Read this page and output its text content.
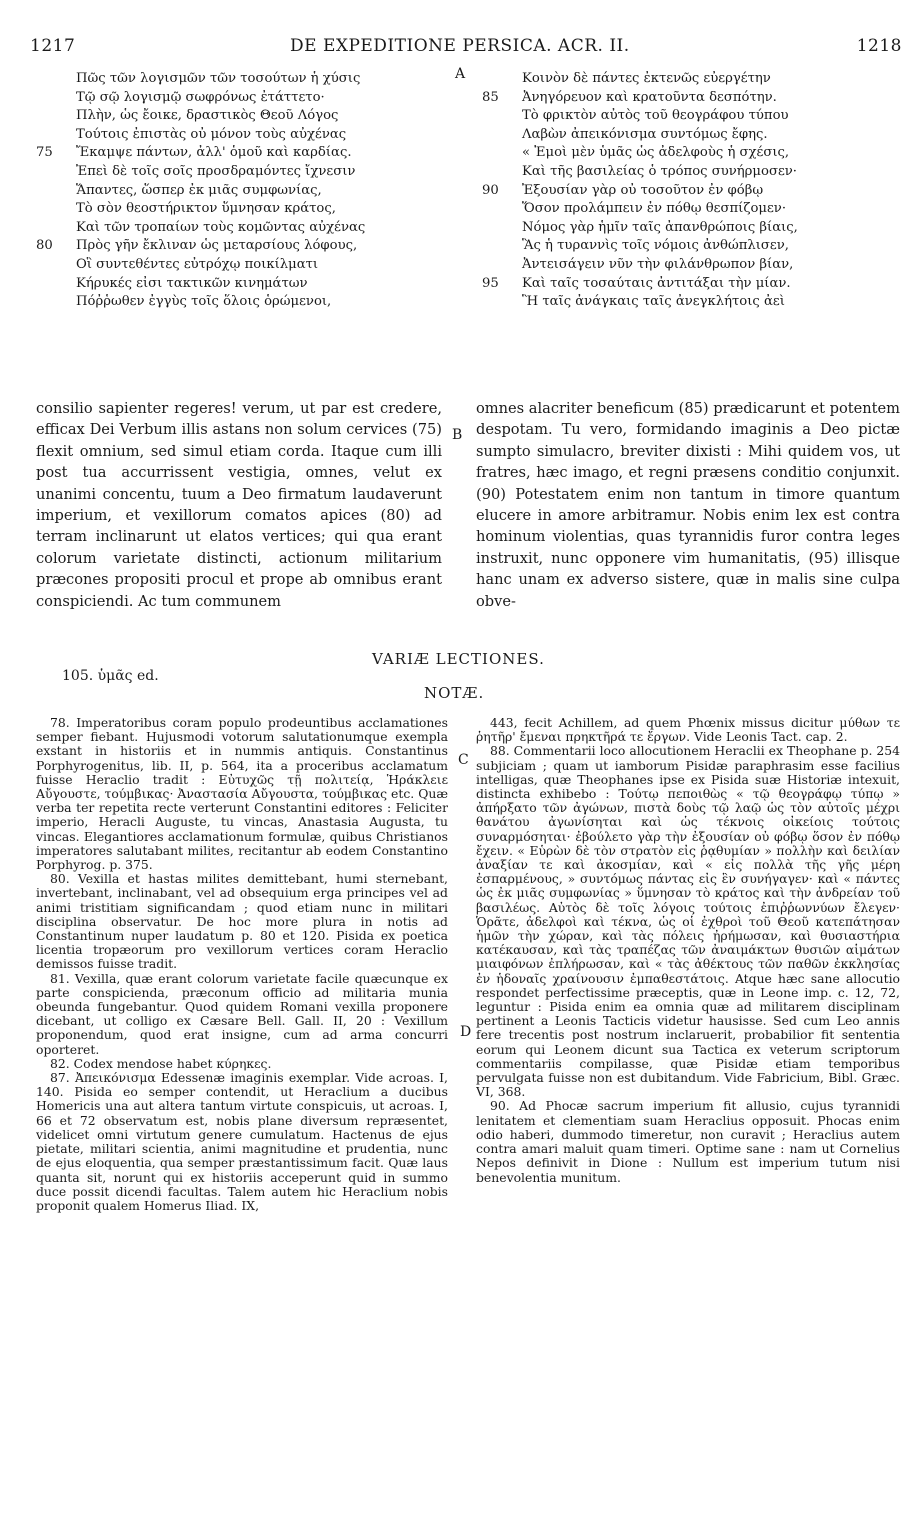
1217	DE EXPEDITIONE PERSICA. ACR. II.	1218
Πῶς τῶν λογισμῶν τῶν τοσούτων ἡ χύσις
Τῷ σῷ λογισμῷ σωφρόνως ἐτάττετο·
Πλὴν, ὡς ἔοικε, δραστικὸς Θεοῦ Λόγος
Τούτοις ἐπιστὰς οὐ μόνον τοὺς αὐχένας
75 Ἔκαμψε πάντων, ἀλλ' ὁμοῦ καὶ καρδίας.
Ἐπεὶ δὲ τοῖς σοῖς προσδραμόντες ἴχνεσιν
Ἅπαντες, ὥσπερ ἐκ μιᾶς συμφωνίας,
Τὸ σὸν θεοστήρικτον ὕμνησαν κράτος,
Καὶ τῶν τροπαίων τοὺς κομῶντας αὐχένας
80 Πρὸς γῆν ἔκλιναν ὡς μεταρσίους λόφους,
Οἳ συντεθέντες εὐτρόχῳ ποικίλματι
Κήρυκές εἰσι τακτικῶν κινημάτων
Πόῤῥωθεν ἐγγὺς τοῖς ὅλοις ὁρώμενοι,
Κοινὸν δὲ πάντες ἐκτενῶς εὐεργέτην
85 Ἀνηγόρευον καὶ κρατοῦντα δεσπότην.
Τὸ φρικτὸν αὐτὸς τοῦ θεογράφου τύπου
Λαβὼν ἀπεικόνισμα συντόμως ἔφης.
« Ἐμοὶ μὲν ὑμᾶς ὡς ἀδελφοὺς ἡ σχέσις,
Καὶ τῆς βασιλείας ὁ τρόπος συνήρμοσεν·
90 Ἐξουσίαν γὰρ οὐ τοσοῦτον ἐν φόβῳ
Ὅσον προλάμπειν ἐν πόθῳ θεσπίζομεν·
Νόμος γὰρ ἡμῖν ταῖς ἀπανθρώποις βίαις,
Ἃς ἡ τυραννὶς τοῖς νόμοις ἀνθώπλισεν,
Ἀντεισάγειν νῦν τὴν φιλάνθρωπον βίαν,
95 Καὶ ταῖς τοσαύταις ἀντιτάξαι τὴν μίαν.
Ἣ ταῖς ἀνάγκαις ταῖς ἀνεγκλήτοις ἀεὶ
A
B
C
D
consilio sapienter regeres! verum, ut par est credere, efficax Dei Verbum illis astans non solum cervices (75) flexit omnium, sed simul etiam corda. Itaque cum illi post tua accurrissent vestigia, omnes, velut ex unanimi concentu, tuum a Deo firmatum laudaverunt imperium, et vexillorum comatos apices (80) ad terram inclinarunt ut elatos vertices; qui qua erant colorum varietate distincti, actionum militarium præcones propositi procul et prope ab omnibus erant conspiciendi. Ac tum communem
omnes alacriter beneficum (85) prædicarunt et potentem despotam. Tu vero, formidando imaginis a Deo pictæ sumpto simulacro, breviter dixisti : Mihi quidem vos, ut fratres, hæc imago, et regni præsens conditio conjunxit. (90) Potestatem enim non tantum in timore quantum elucere in amore arbitramur. Nobis enim lex est contra hominum violentias, quas tyrannidis furor contra leges instruxit, nunc opponere vim humanitatis, (95) illisque hanc unam ex adverso sistere, quæ in malis sine culpa obve-
VARIÆ LECTIONES.
105. ὑμᾶς ed.
NOTÆ.

78. Imperatoribus coram populo prodeuntibus acclamationes semper fiebant. Hujusmodi votorum salutationumque exempla exstant in historiis et in nummis antiquis. Constantinus Porphyrogenitus, lib. II, p. 564, ita a proceribus acclamatum fuisse Heraclio tradit : Εὐτυχῶς τῇ πολιτείᾳ, Ἡράκλειε Αὔγουστε, τούμβικας· Ἀναστασία Αὔγουστα, τούμβικας etc. Quæ verba ter repetita recte verterunt Constantini editores : Feliciter imperio, Heracli Auguste, tu vincas, Anastasia Augusta, tu vincas. Elegantiores acclamationum formulæ, quibus Christianos imperatores salutabant milites, recitantur ab eodem Constantino Porphyrog. p. 375.

80. Vexilla et hastas milites demittebant, humi sternebant, invertebant, inclinabant, vel ad obsequium erga principes vel ad animi tristitiam significandam ; quod etiam nunc in militari disciplina observatur. De hoc more plura in notis ad Constantinum nuper laudatum p. 80 et 120. Pisida ex poetica licentia tropæorum pro vexillorum vertices coram Heraclio demissos fuisse tradit.

81. Vexilla, quæ erant colorum varietate facile quæcunque ex parte conspicienda, præconum officio ad militaria munia obeunda fungebantur. Quod quidem Romani vexilla proponere dicebant, ut colligo ex Cæsare Bell. Gall. II, 20 : Vexillum proponendum, quod erat insigne, cum ad arma concurri oporteret.

82. Codex mendose habet κύρηκες.

87. Ἀπεικόνισμα Edessenæ imaginis exemplar. Vide acroas. I, 140. Pisida eo semper contendit, ut Heraclium a ducibus Homericis una aut altera tantum virtute conspicuis, ut acroas. I, 66 et 72 observatum est, nobis plane diversum repræsentet, videlicet omni virtutum genere cumulatum. Hactenus de ejus pietate, militari scientia, animi magnitudine et prudentia, nunc de ejus eloquentia, qua semper præstantissimum facit. Quæ laus quanta sit, norunt qui ex historiis acceperunt quid in summo duce possit dicendi facultas. Talem autem hic Heraclium nobis proponit qualem Homerus Iliad. IX,

443, fecit Achillem, ad quem Phœnix missus dicitur μύθων τε ῥητῆρ' ἔμεναι πρηκτῆρά τε ἔργων. Vide Leonis Tact. cap. 2.

88. Commentarii loco allocutionem Heraclii ex Theophane p. 254 subjiciam ; quam ut iamborum Pisidæ paraphrasim esse facilius intelligas, quæ Theophanes ipse ex Pisida suæ Historiæ intexuit, distincta exhibebo : Τούτῳ πεποιθὼς « τῷ θεογράφῳ τύπῳ » ἀπήρξατο τῶν ἀγώνων, πιστὰ δοὺς τῷ λαῷ ὡς τὸν αὐτοῖς μέχρι θανάτου ἀγωνίσηται καὶ ὡς τέκνοις οἰκείοις τούτοις συναρμόσηται· ἐβούλετο γὰρ τὴν ἐξουσίαν οὐ φόβῳ ὅσον ἐν πόθῳ ἔχειν. « Εὑρὼν δὲ τὸν στρατὸν εἰς ῥᾳθυμίαν » πολλὴν καὶ δειλίαν ἀναξίαν τε καὶ ἀκοσμίαν, καὶ « εἰς πολλὰ τῆς γῆς μέρη ἐσπαρμένους, » συντόμως πάντας εἰς ἓν συνήγαγεν· καὶ « πάντες ὡς ἐκ μιᾶς συμφωνίας » ὕμνησαν τὸ κράτος καὶ τὴν ἀνδρείαν τοῦ βασιλέως. Αὐτὸς δὲ τοῖς λόγοις τούτοις ἐπιῤῥωννύων ἔλεγεν· Ὁρᾶτε, ἀδελφοὶ καὶ τέκνα, ὡς οἱ ἐχθροὶ τοῦ Θεοῦ κατεπάτησαν ἡμῶν τὴν χώραν, καὶ τὰς πόλεις ἠρήμωσαν, καὶ θυσιαστήρια κατέκαυσαν, καὶ τὰς τραπέζας τῶν ἀναιμάκτων θυσιῶν αἱμάτων μιαιφόνων ἐπλήρωσαν, καὶ « τὰς ἀθέκτους τῶν παθῶν ἐκκλησίας ἐν ἡδοναῖς χραίνουσιν ἐμπαθεστάτοις. Atque hæc sane allocutio respondet perfectissime præceptis, quæ in Leone imp. c. 12, 72, leguntur : Pisida enim ea omnia quæ ad militarem disciplinam pertinent a Leonis Tacticis videtur hausisse. Sed cum Leo annis fere trecentis post nostrum inclaruerit, probabilior fit sententia eorum qui Leonem dicunt sua Tactica ex veterum scriptorum commentariis compilasse, quæ Pisidæ etiam temporibus pervulgata fuisse non est dubitandum. Vide Fabricium, Bibl. Græc. VI, 368.

90. Ad Phocæ sacrum imperium fit allusio, cujus tyrannidi lenitatem et clementiam suam Heraclius opposuit. Phocas enim odio haberi, dummodo timeretur, non curavit ; Heraclius autem contra amari maluit quam timeri. Optime sane : nam ut Cornelius Nepos definivit in Dione : Nullum est imperium tutum nisi benevolentia munitum.
